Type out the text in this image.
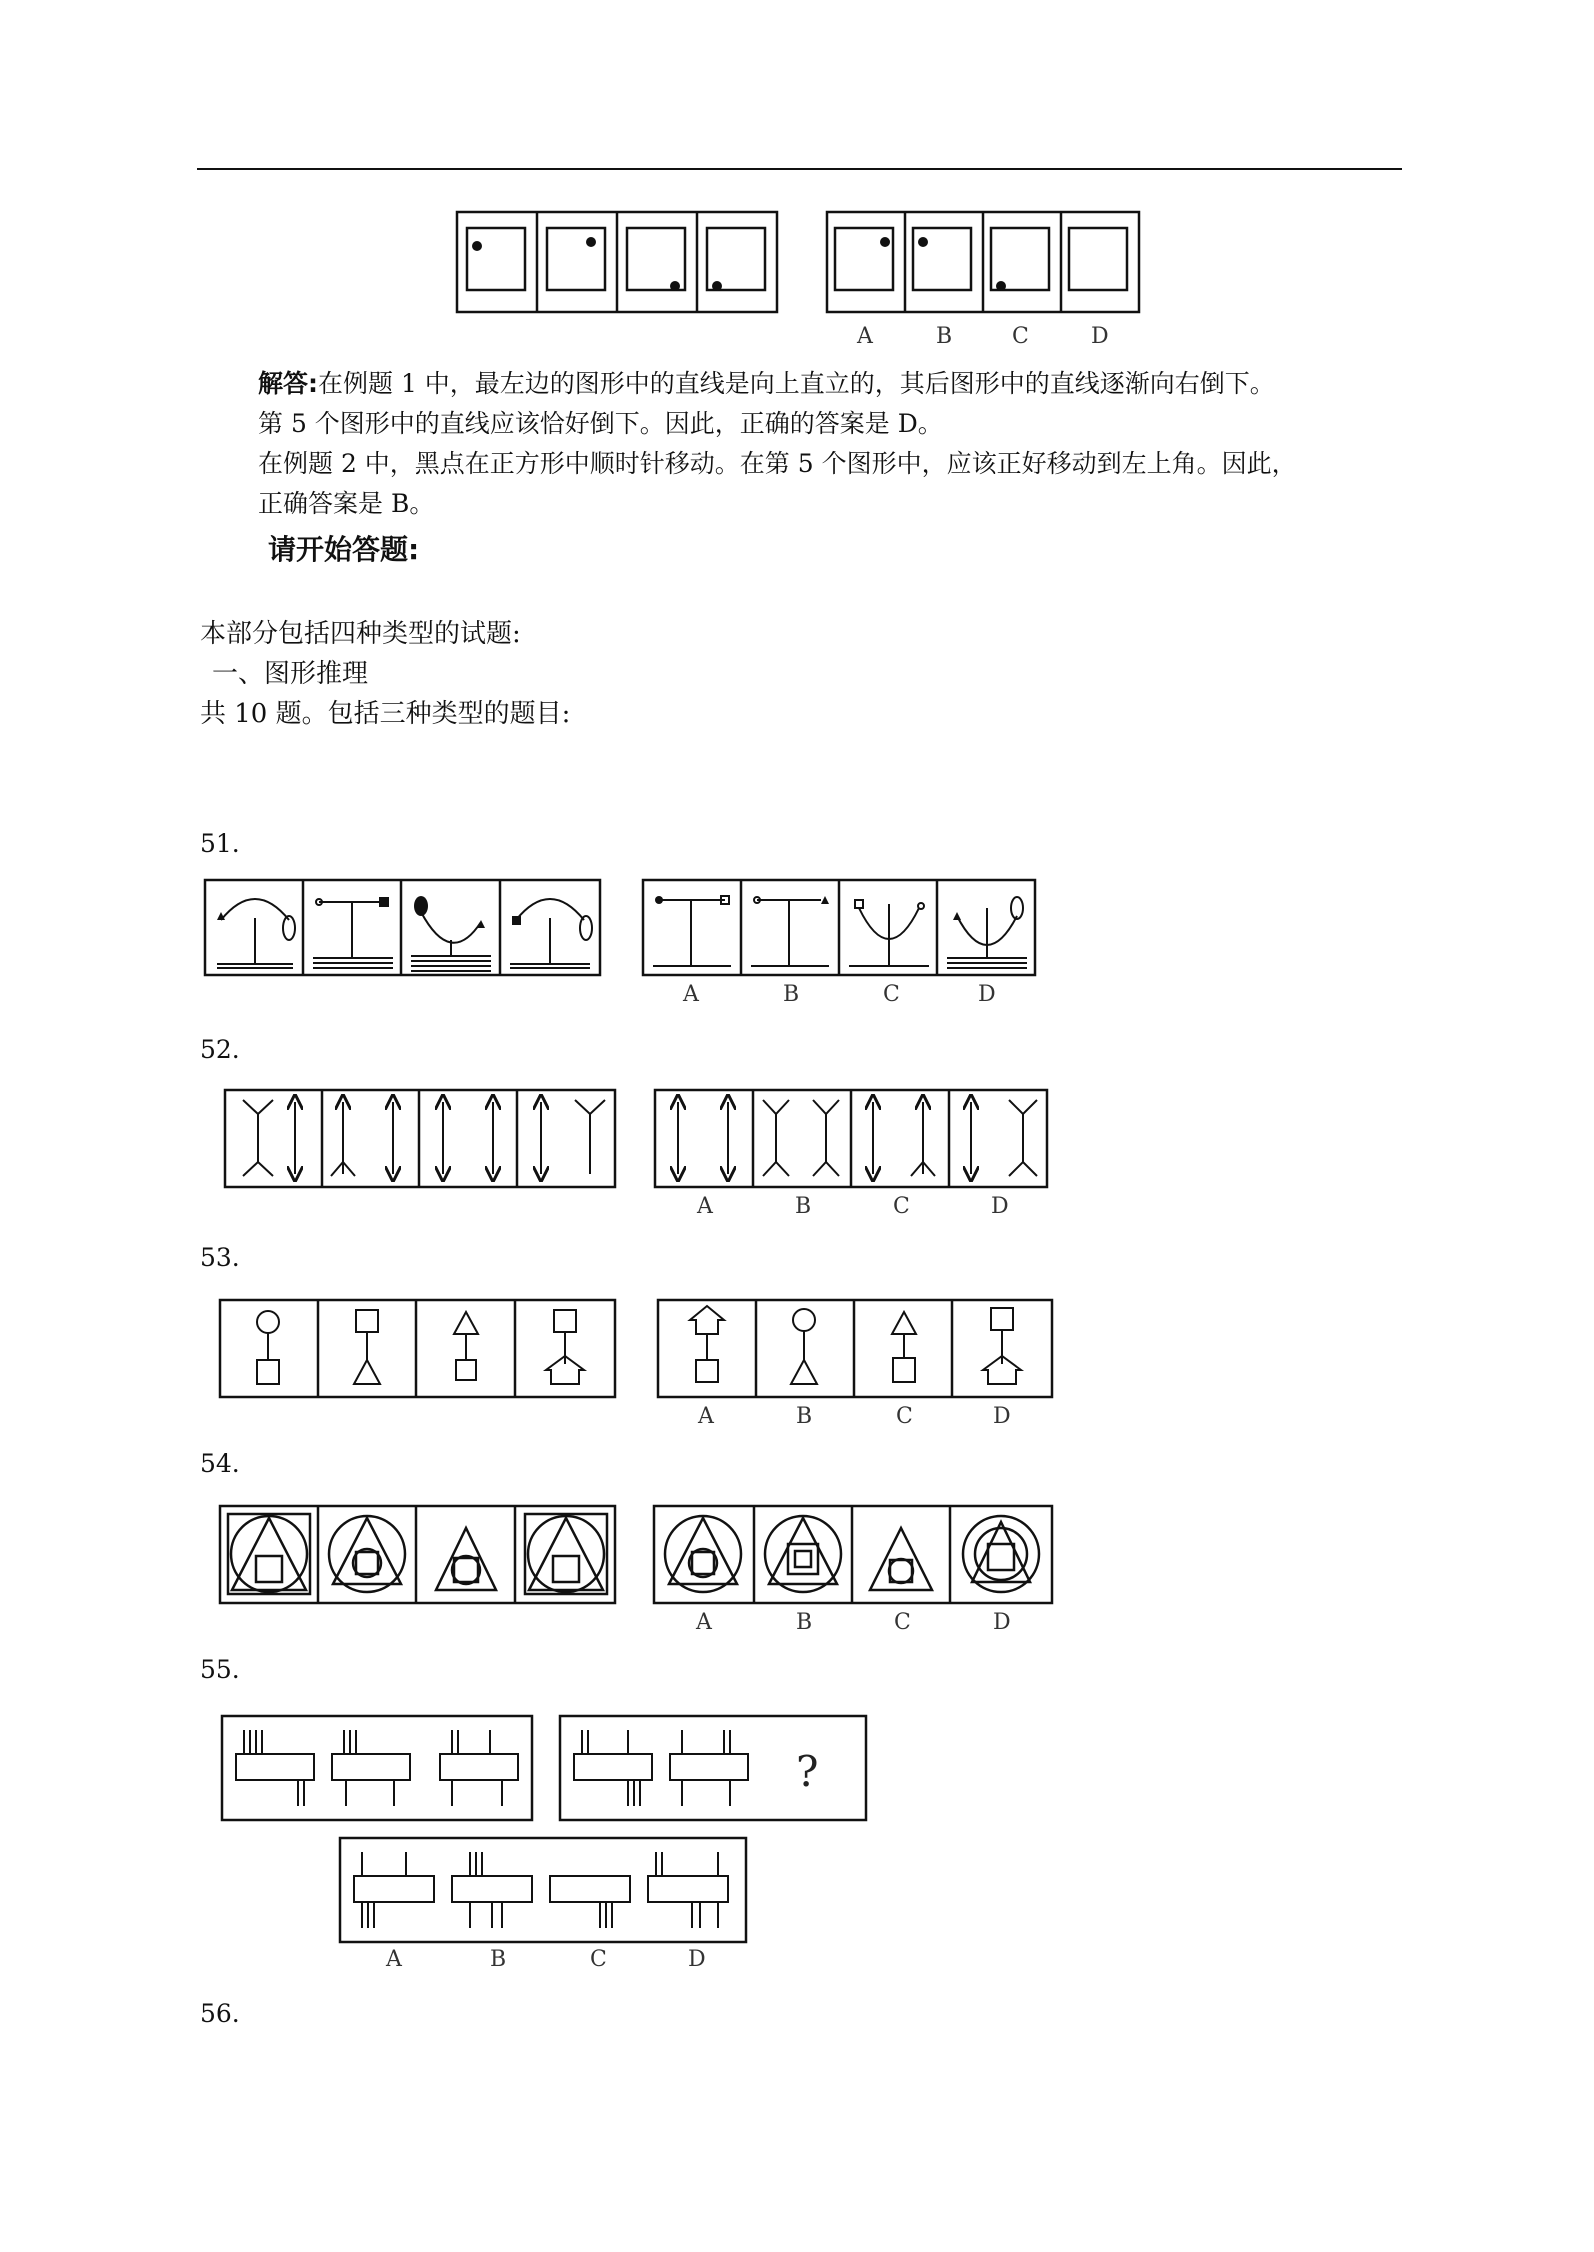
A	B	C	D
解答:在例题 1 中，最左边的图形中的直线是向上直立的，其后图形中的直线逐渐向右倒下。
第 5 个图形中的直线应该恰好倒下。因此，正确的答案是 D。
在例题 2 中，黑点在正方形中顺时针移动。在第 5 个图形中，应该正好移动到左上角。因此，
正确答案是 B。
请开始答题:
本部分包括四种类型的试题:
一、图形推理
共 10 题。包括三种类型的题目:
51.
52.
53.
54.
55.
56.
A	B	C	D
A	B	C	D
A	B	C	D
A	B	C	D
?
A	B	C	D
